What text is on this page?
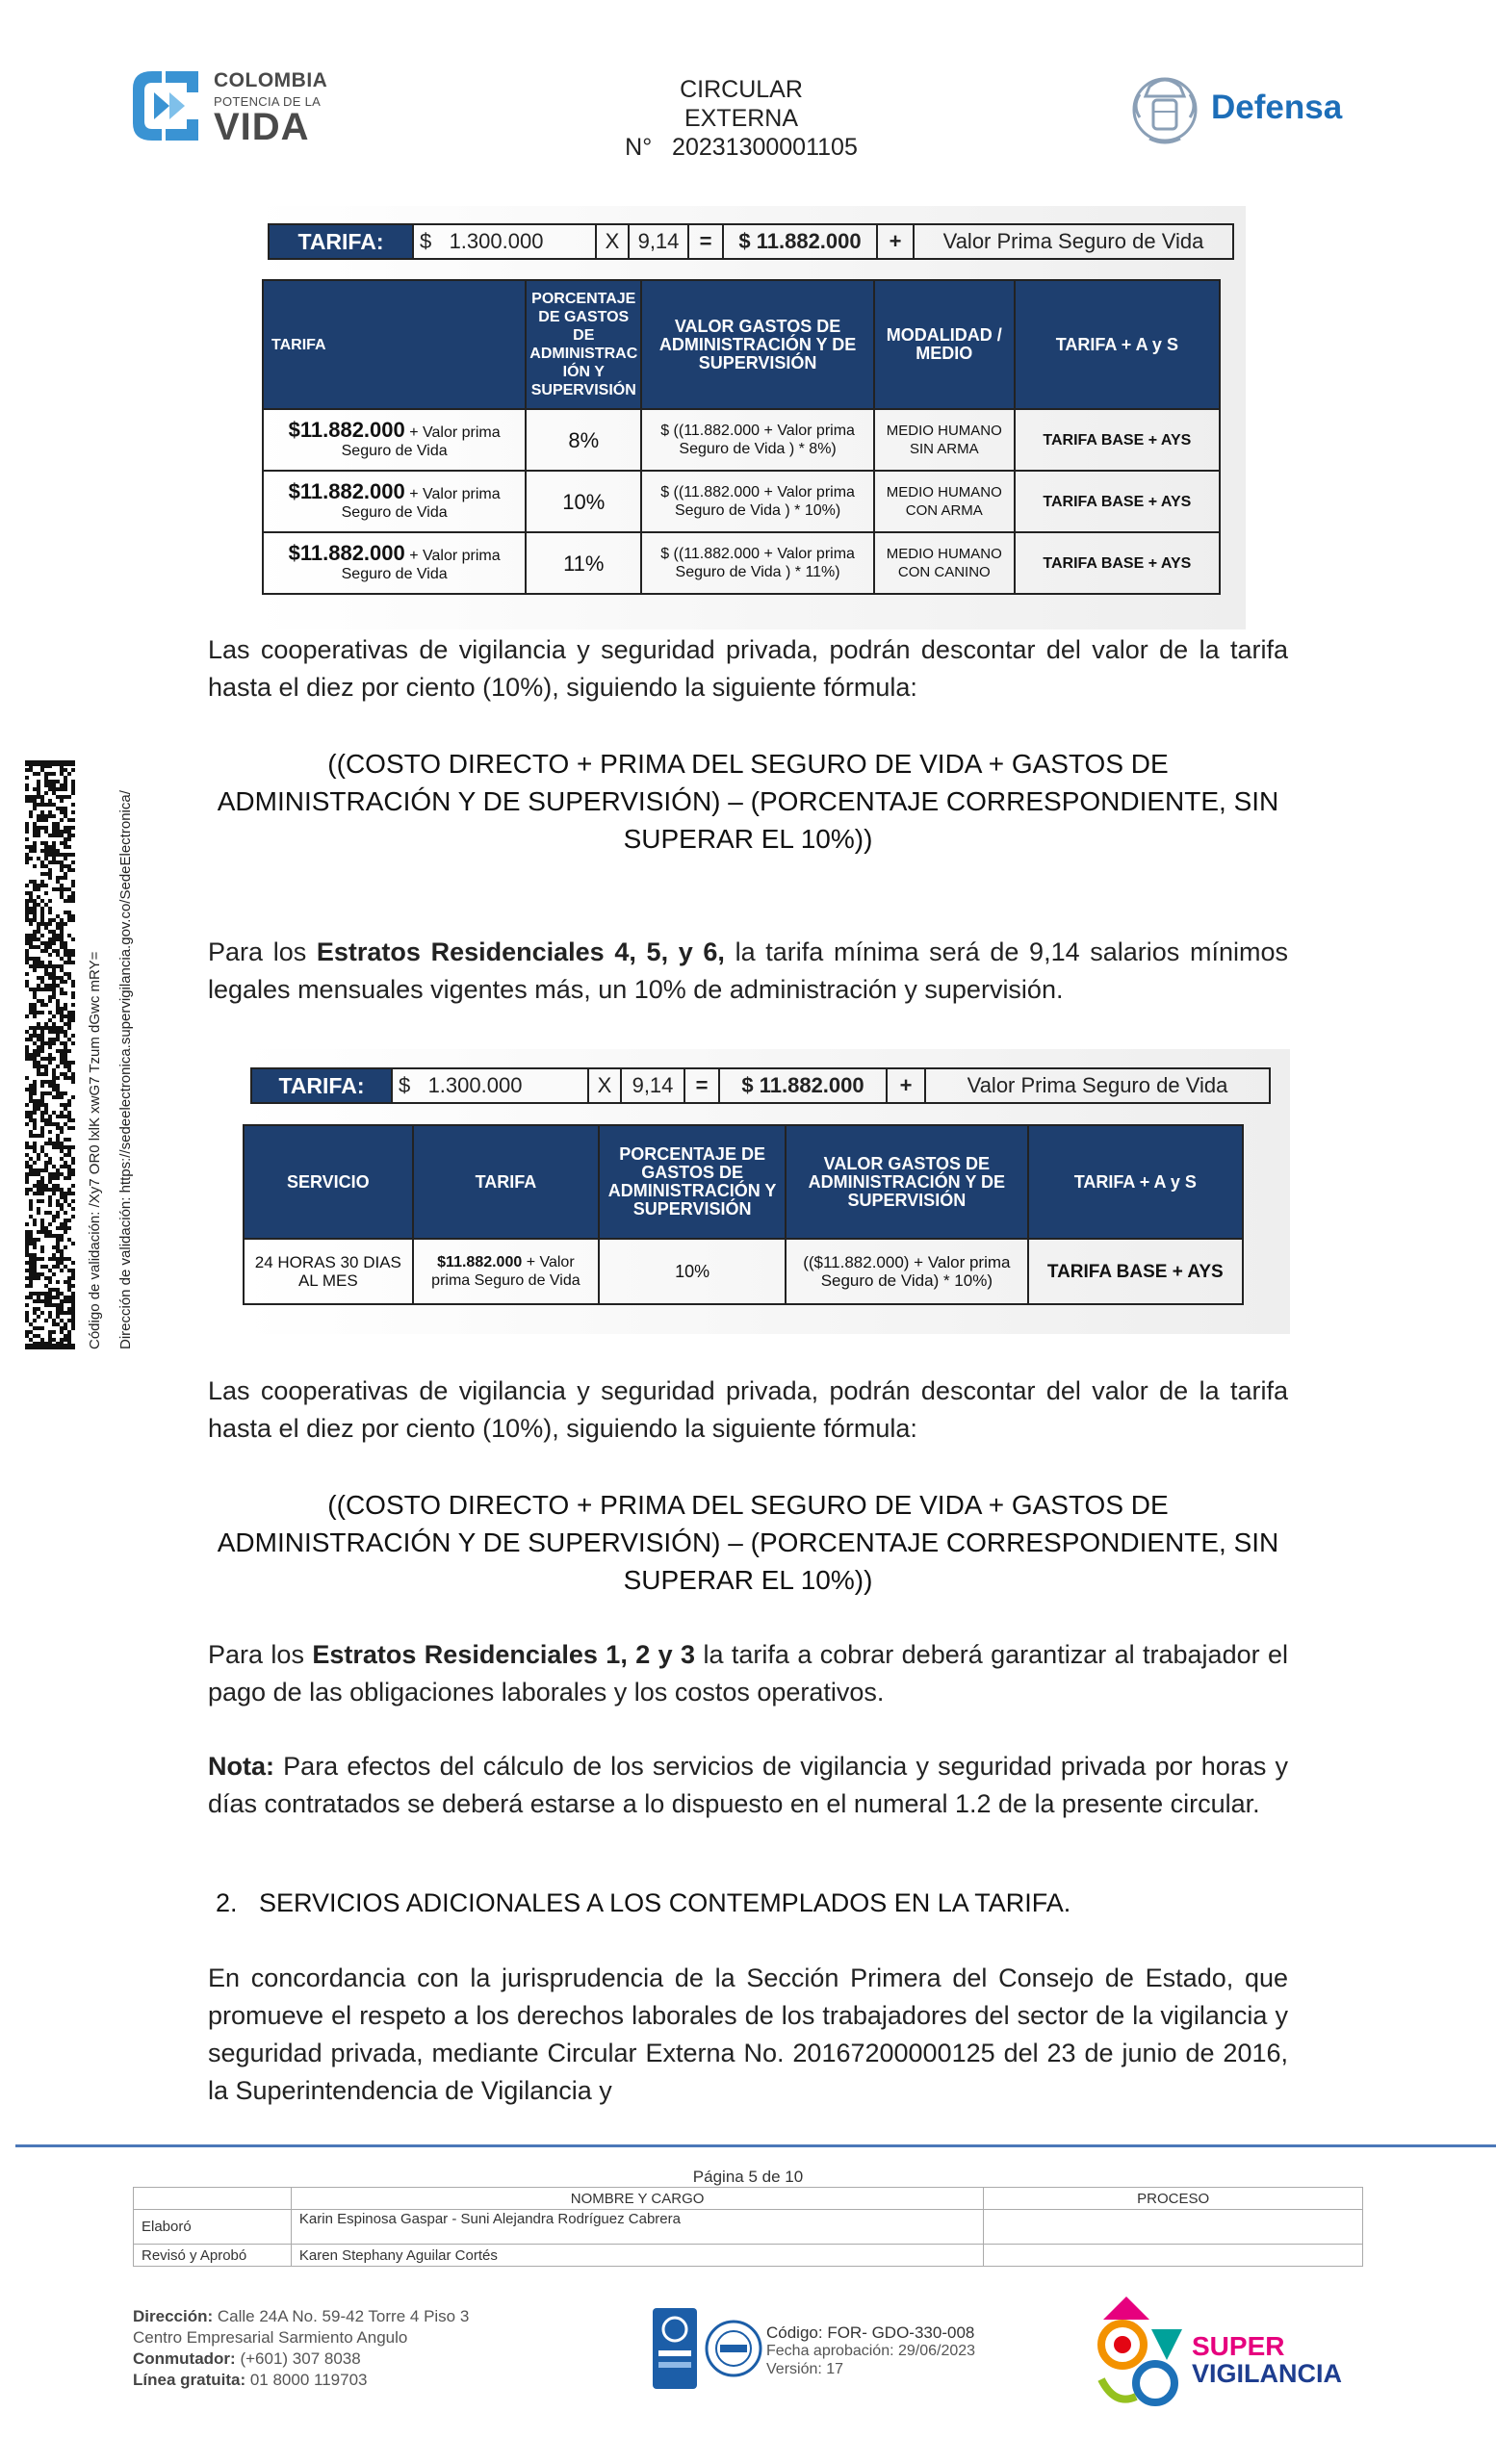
COLOMBIA
POTENCIA DE LA
VIDA
CIRCULAR
EXTERNA
N°   20231300001105
Defensa
TARIFA:	$   1.300.000	X 9,14 =	$ 11.882.000	+	Valor Prima Seguro de Vida
TARIFA	PORCENTAJE DE GASTOS DE ADMINISTRAC IÓN Y SUPERVISIÓN	VALOR GASTOS DE ADMINISTRACIÓN Y DE SUPERVISIÓN	MODALIDAD / MEDIO	TARIFA + A y S
$11.882.000 + Valor prima Seguro de Vida	8%	$ ((11.882.000 + Valor prima Seguro de Vida ) * 8%)	MEDIO HUMANO SIN ARMA	TARIFA BASE + AYS
$11.882.000 + Valor prima Seguro de Vida	10%	$ ((11.882.000 + Valor prima Seguro de Vida ) * 10%)	MEDIO HUMANO CON ARMA	TARIFA BASE + AYS
$11.882.000 + Valor prima Seguro de Vida	11%	$ ((11.882.000 + Valor prima Seguro de Vida ) * 11%)	MEDIO HUMANO CON CANINO	TARIFA BASE + AYS
Las cooperativas de vigilancia y seguridad privada, podrán descontar del valor de la tarifa hasta el diez por ciento (10%), siguiendo la siguiente fórmula:
((COSTO DIRECTO + PRIMA DEL SEGURO DE VIDA + GASTOS DE ADMINISTRACIÓN Y DE SUPERVISIÓN) – (PORCENTAJE CORRESPONDIENTE, SIN SUPERAR EL 10%))
Para los Estratos Residenciales 4, 5, y 6, la tarifa mínima será de 9,14 salarios mínimos legales mensuales vigentes más, un 10% de administración y supervisión.
TARIFA:	$   1.300.000	X 9,14	=	$ 11.882.000	+	Valor Prima Seguro de Vida
SERVICIO	TARIFA	PORCENTAJE DE GASTOS DE ADMINISTRACIÓN Y SUPERVISIÓN	VALOR GASTOS DE ADMINISTRACIÓN Y DE SUPERVISIÓN	TARIFA + A y S
24 HORAS 30 DIAS AL MES	$11.882.000 + Valor prima Seguro de Vida	10%	(($11.882.000) + Valor prima Seguro de Vida) * 10%)	TARIFA BASE + AYS
Las cooperativas de vigilancia y seguridad privada, podrán descontar del valor de la tarifa hasta el diez por ciento (10%), siguiendo la siguiente fórmula:
((COSTO DIRECTO + PRIMA DEL SEGURO DE VIDA + GASTOS DE ADMINISTRACIÓN Y DE SUPERVISIÓN) – (PORCENTAJE CORRESPONDIENTE, SIN SUPERAR EL 10%))
Para los Estratos Residenciales 1, 2 y 3 la tarifa a cobrar deberá garantizar al trabajador el pago de las obligaciones laborales y los costos operativos.
Nota: Para efectos del cálculo de los servicios de vigilancia y seguridad privada por horas y días contratados se deberá estarse a lo dispuesto en el numeral 1.2 de la presente circular.
2.   SERVICIOS ADICIONALES A LOS CONTEMPLADOS EN LA TARIFA.
En concordancia con la jurisprudencia de la Sección Primera del Consejo de Estado, que promueve el respeto a los derechos laborales de los trabajadores del sector de la vigilancia y seguridad privada, mediante Circular Externa No. 20167200000125 del 23 de junio de 2016, la Superintendencia de Vigilancia y
Código de validación: /Xy7 OR0 lxlK xwG7 Tzum dGwc mRY= Dirección de validación: https://sedeelectronica.supervigilancia.gov.co/SedeElectronica/
Página 5 de 10
	NOMBRE Y CARGO	PROCESO
Elaboró	Karin Espinosa Gaspar - Suni Alejandra Rodríguez Cabrera	
Revisó y Aprobó	Karen Stephany Aguilar Cortés	
Dirección: Calle 24A No. 59-42 Torre 4 Piso 3
Centro Empresarial Sarmiento Angulo
Conmutador: (+601) 307 8038
Línea gratuita: 01 8000 119703
Código: FOR- GDO-330-008
Fecha aprobación: 29/06/2023
Versión: 17
SUPER
VIGILANCIA
